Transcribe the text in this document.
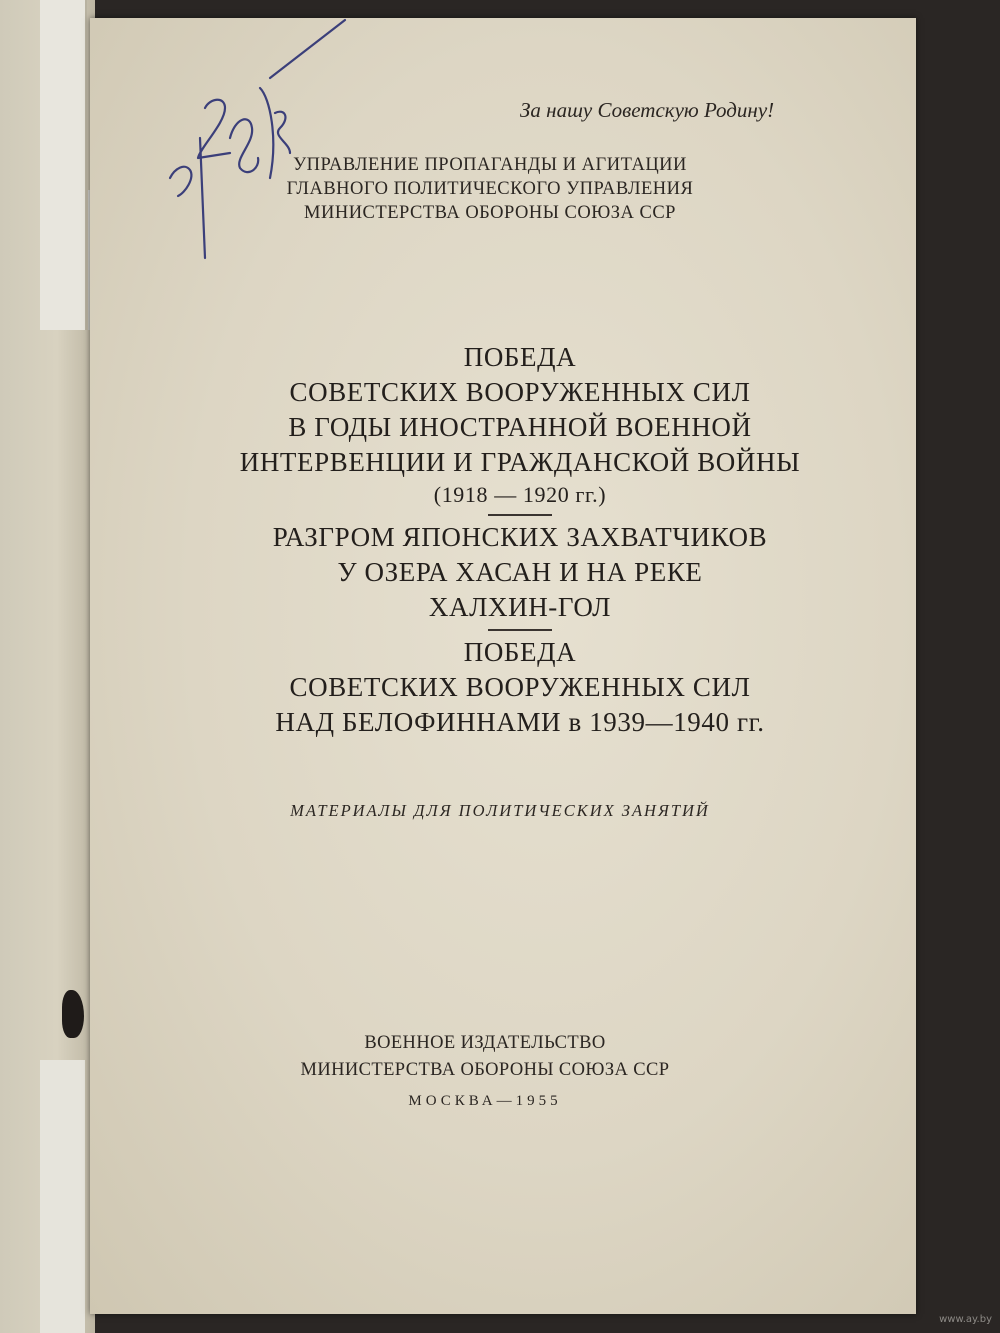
За нашу Советскую Родину!
УПРАВЛЕНИЕ ПРОПАГАНДЫ И АГИТАЦИИ
ГЛАВНОГО ПОЛИТИЧЕСКОГО УПРАВЛЕНИЯ
МИНИСТЕРСТВА ОБОРОНЫ СОЮЗА ССР
ПОБЕДА
СОВЕТСКИХ ВООРУЖЕННЫХ СИЛ
В ГОДЫ ИНОСТРАННОЙ ВОЕННОЙ
ИНТЕРВЕНЦИИ И ГРАЖДАНСКОЙ ВОЙНЫ
(1918 — 1920 гг.)
РАЗГРОМ ЯПОНСКИХ ЗАХВАТЧИКОВ
У ОЗЕРА ХАСАН И НА РЕКЕ
ХАЛХИН-ГОЛ
ПОБЕДА
СОВЕТСКИХ ВООРУЖЕННЫХ СИЛ
НАД БЕЛОФИННАМИ в 1939—1940 гг.
МАТЕРИАЛЫ ДЛЯ ПОЛИТИЧЕСКИХ ЗАНЯТИЙ
ВОЕННОЕ ИЗДАТЕЛЬСТВО
МИНИСТЕРСТВА ОБОРОНЫ СОЮЗА ССР
МОСКВА—1955
www.ay.by
